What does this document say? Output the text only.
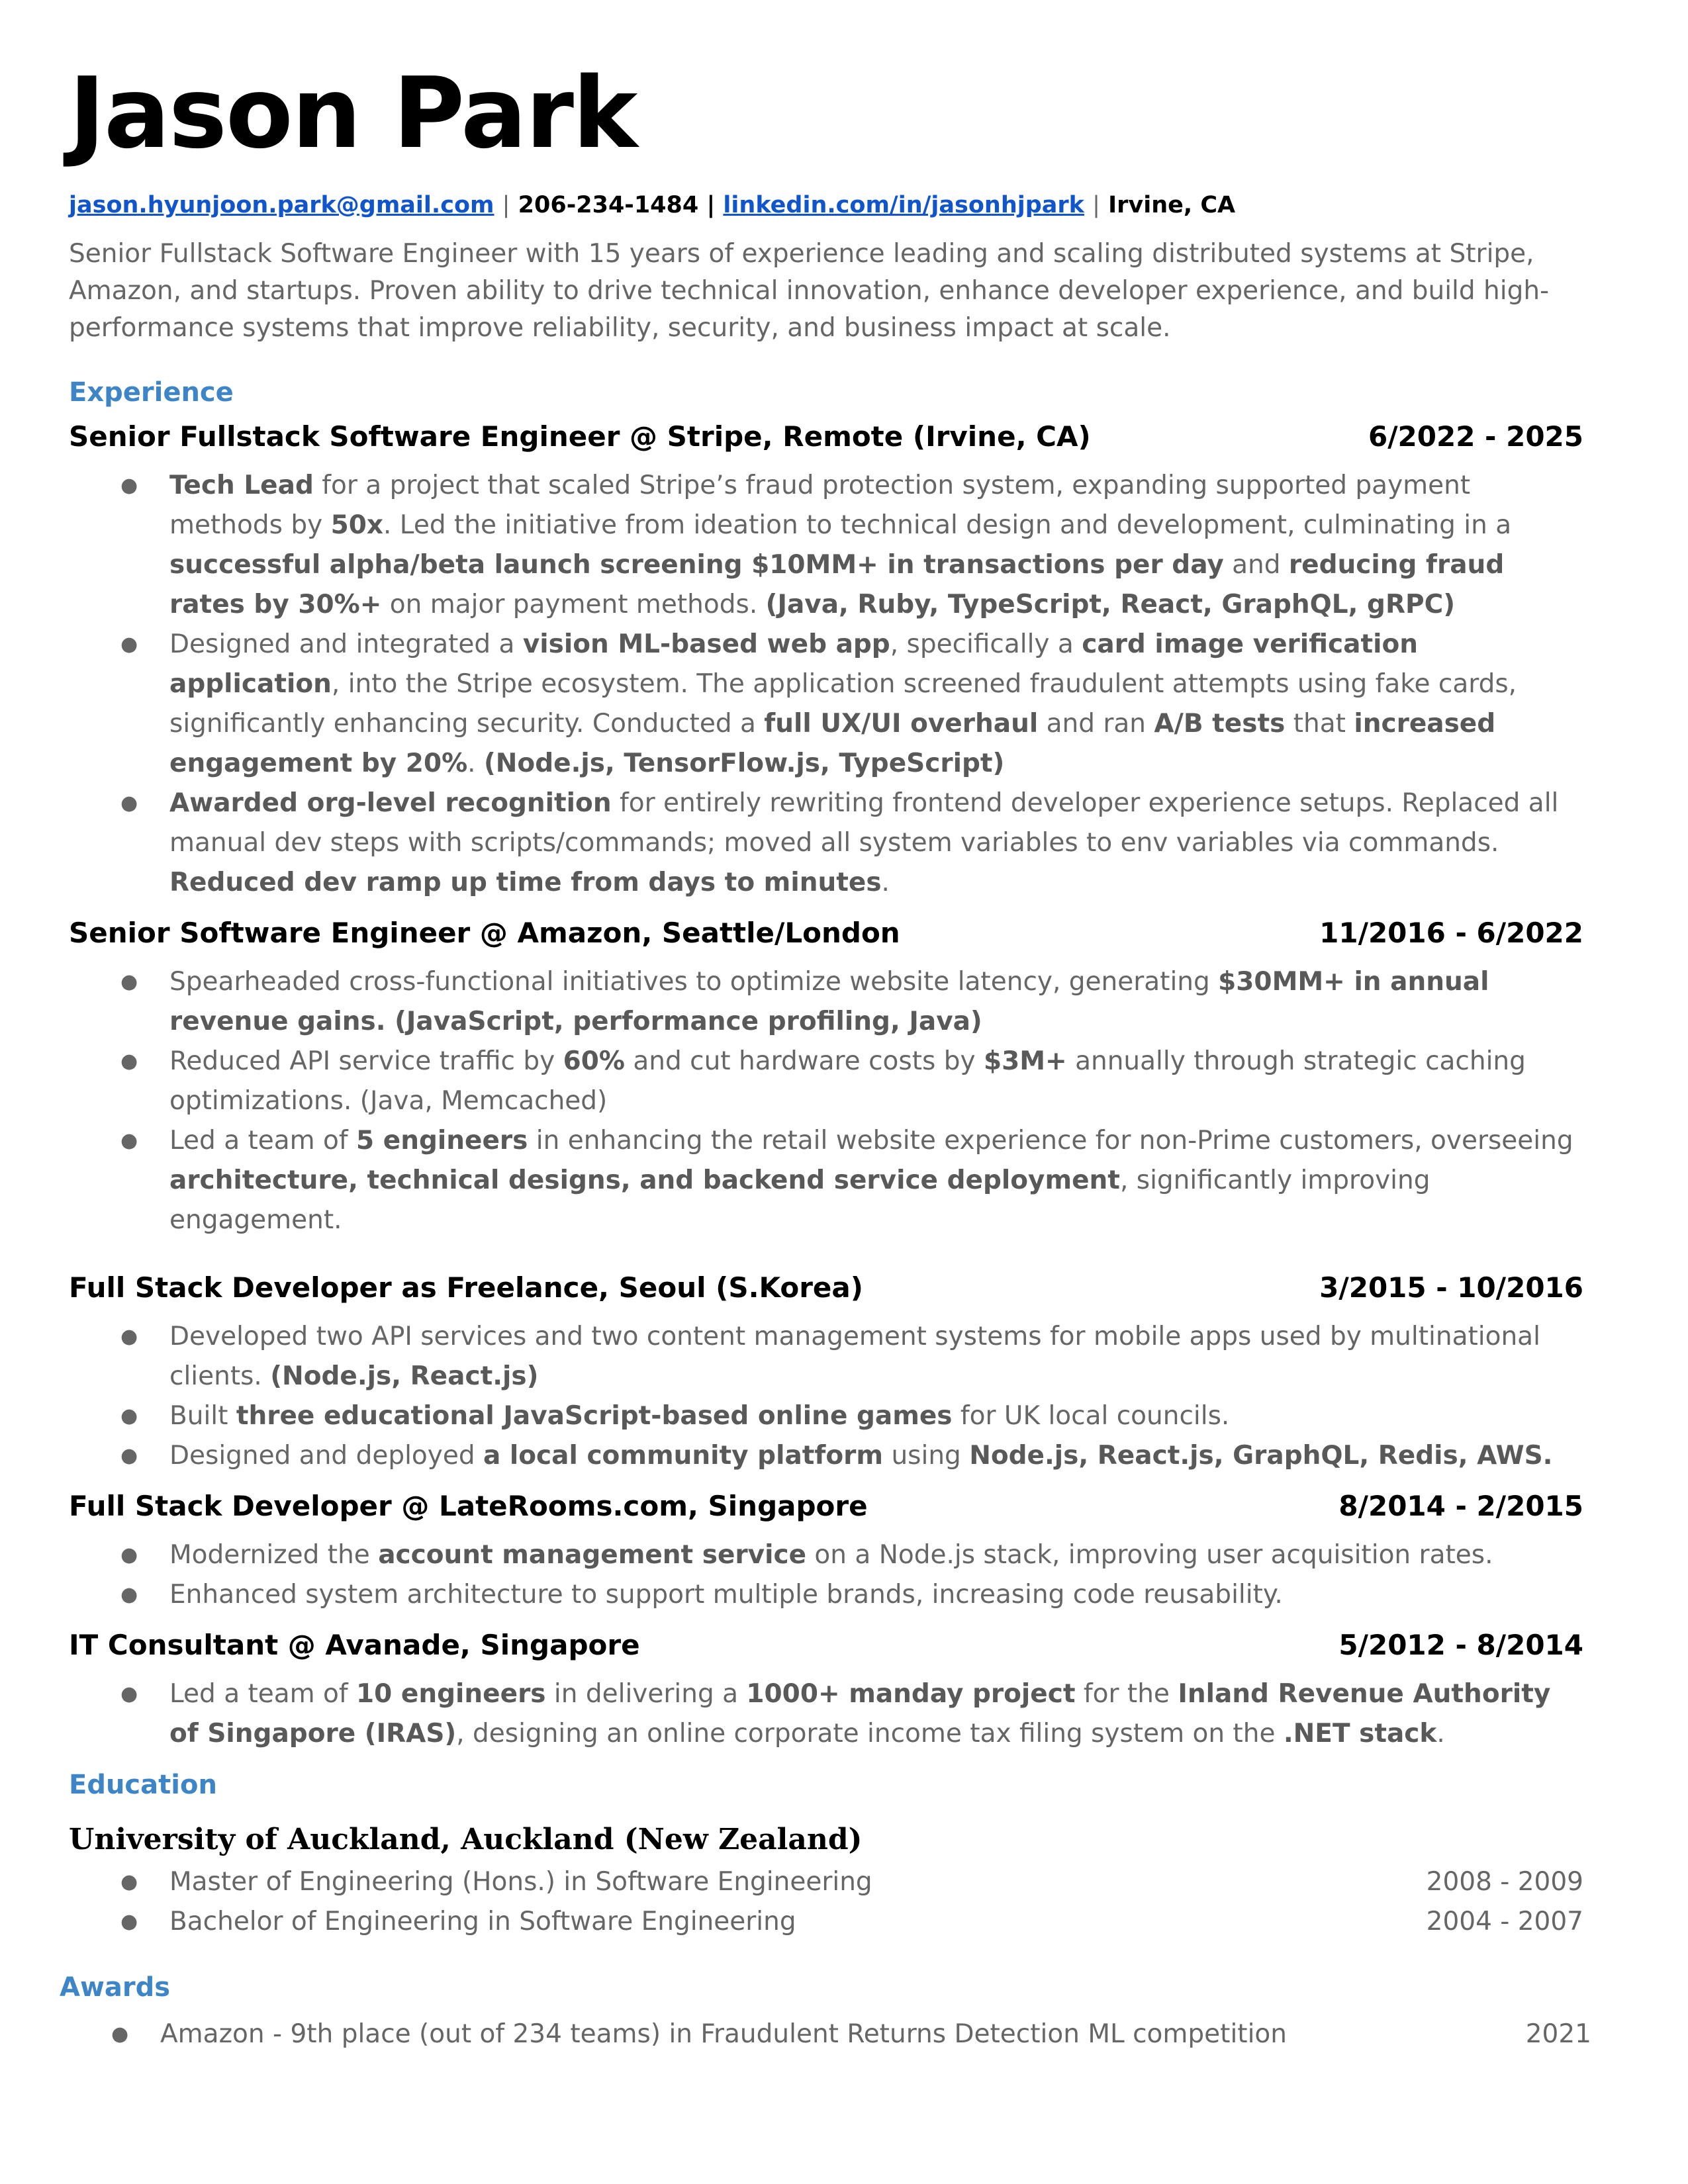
Jason Park
jason.hyunjoon.park@gmail.com | 206-234-1484 | linkedin.com/in/jasonhjpark | Irvine, CA
Senior Fullstack Software Engineer with 15 years of experience leading and scaling distributed systems at Stripe, Amazon, and startups. Proven ability to drive technical innovation, enhance developer experience, and build high-performance systems that improve reliability, security, and business impact at scale.
Experience
Senior Fullstack Software Engineer @ Stripe, Remote (Irvine, CA)	6/2022 - 2025
● Tech Lead for a project that scaled Stripe’s fraud protection system, expanding supported payment methods by 50x. Led the initiative from ideation to technical design and development, culminating in a successful alpha/beta launch screening $10MM+ in transactions per day and reducing fraud rates by 30%+ on major payment methods. (Java, Ruby, TypeScript, React, GraphQL, gRPC)
● Designed and integrated a vision ML-based web app, specifically a card image verification application, into the Stripe ecosystem. The application screened fraudulent attempts using fake cards, significantly enhancing security. Conducted a full UX/UI overhaul and ran A/B tests that increased engagement by 20%. (Node.js, TensorFlow.js, TypeScript)
● Awarded org-level recognition for entirely rewriting frontend developer experience setups. Replaced all manual dev steps with scripts/commands; moved all system variables to env variables via commands. Reduced dev ramp up time from days to minutes.
Senior Software Engineer @ Amazon, Seattle/London	11/2016 - 6/2022
● Spearheaded cross-functional initiatives to optimize website latency, generating $30MM+ in annual revenue gains. (JavaScript, performance profiling, Java)
● Reduced API service traffic by 60% and cut hardware costs by $3M+ annually through strategic caching optimizations. (Java, Memcached)
● Led a team of 5 engineers in enhancing the retail website experience for non-Prime customers, overseeing architecture, technical designs, and backend service deployment, significantly improving engagement.
Full Stack Developer as Freelance, Seoul (S.Korea)	3/2015 - 10/2016
● Developed two API services and two content management systems for mobile apps used by multinational clients. (Node.js, React.js)
● Built three educational JavaScript-based online games for UK local councils.
● Designed and deployed a local community platform using Node.js, React.js, GraphQL, Redis, AWS.
Full Stack Developer @ LateRooms.com, Singapore	8/2014 - 2/2015
● Modernized the account management service on a Node.js stack, improving user acquisition rates.
● Enhanced system architecture to support multiple brands, increasing code reusability.
IT Consultant @ Avanade, Singapore	5/2012 - 8/2014
● Led a team of 10 engineers in delivering a 1000+ manday project for the Inland Revenue Authority of Singapore (IRAS), designing an online corporate income tax filing system on the .NET stack.
Education
University of Auckland, Auckland (New Zealand)
● Master of Engineering (Hons.) in Software Engineering	2008 - 2009
● Bachelor of Engineering in Software Engineering	2004 - 2007
Awards
● Amazon - 9th place (out of 234 teams) in Fraudulent Returns Detection ML competition	2021
